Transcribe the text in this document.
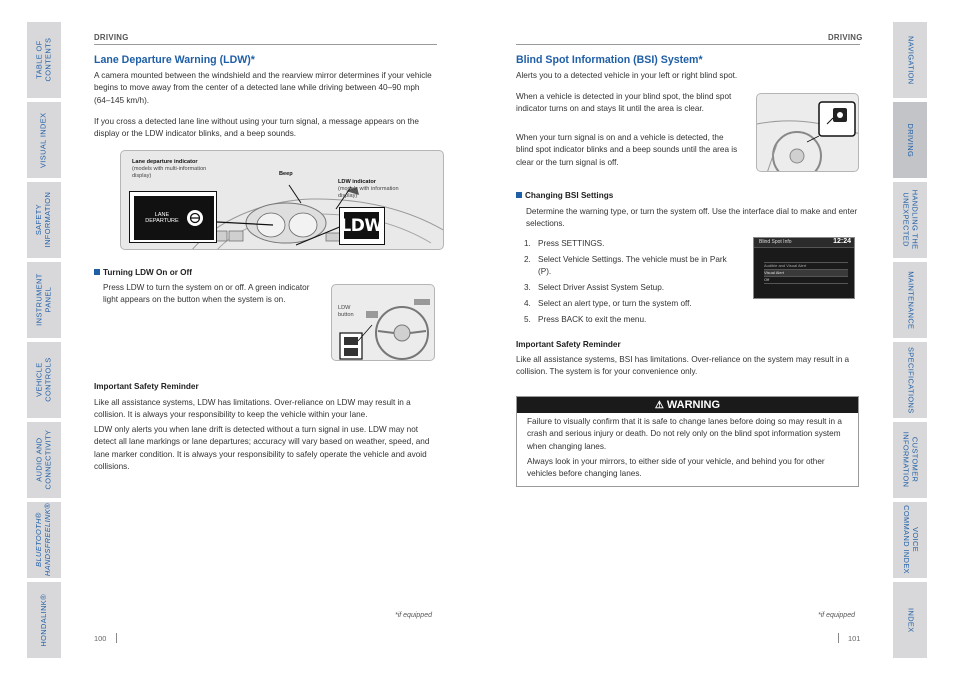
TABLE OF
CONTENTS
VISUAL INDEX
SAFETY
INFORMATION
INSTRUMENT
PANEL
VEHICLE
CONTROLS
AUDIO AND
CONNECTIVITY
BLUETOOTH®
HANDSFREELINK®
HONDALINK®
NAVIGATION
DRIVING
HANDLING THE
UNEXPECTED
MAINTENANCE
SPECIFICATIONS
CUSTOMER
INFORMATION
VOICE
COMMAND INDEX
INDEX
DRIVING
Lane Departure Warning (LDW)*
A camera mounted between the windshield and the rearview mirror determines if your vehicle begins to move away from the center of a detected lane while driving between 40–90 mph (64–145 km/h).
If you cross a detected lane line without using your turn signal, a message appears on the display or the LDW indicator blinks, and a beep sounds.
Lane departure indicator
(models with multi-information display)	Beep
LDW indicator
(models with information display)
LANE
DEPARTURE	LDW
Turning LDW On or Off
Press LDW to turn the system on or off. A green indicator light appears on the button when the system is on.
LDW
button
Important Safety Reminder
Like all assistance systems, LDW has limitations. Over-reliance on LDW may result in a collision. It is always your responsibility to keep the vehicle within your lane.
LDW only alerts you when lane drift is detected without a turn signal in use. LDW may not detect all lane markings or lane departures; accuracy will vary based on weather, speed, and lane marker condition. It is always your responsibility to safely operate the vehicle and avoid collisions.
*if equipped
100
DRIVING
Blind Spot Information (BSI) System*
Alerts you to a detected vehicle in your left or right blind spot.
When a vehicle is detected in your blind spot, the blind spot indicator turns on and stays lit until the area is clear.
When your turn signal is on and a vehicle is detected, the blind spot indicator blinks and a beep sounds until the area is clear or the turn signal is off.
Changing BSI Settings
Determine the warning type, or turn the system off. Use the interface dial to make and enter selections.
1. Press SETTINGS.
2. Select Vehicle Settings. The vehicle must be in Park (P).
3. Select Driver Assist System Setup.
4. Select an alert type, or turn the system off.
5. Press BACK to exit the menu.
Blind Spot Info	12:24
Audible and Visual Alert
Visual Alert
Off
Important Safety Reminder
Like all assistance systems, BSI has limitations. Over-reliance on the system may result in a collision. The system is for your convenience only.
⚠ WARNING
Failure to visually confirm that it is safe to change lanes before doing so may result in a crash and serious injury or death. Do not rely only on the blind spot information system when changing lanes.
Always look in your mirrors, to either side of your vehicle, and behind you for other vehicles before changing lanes.
*if equipped
101
